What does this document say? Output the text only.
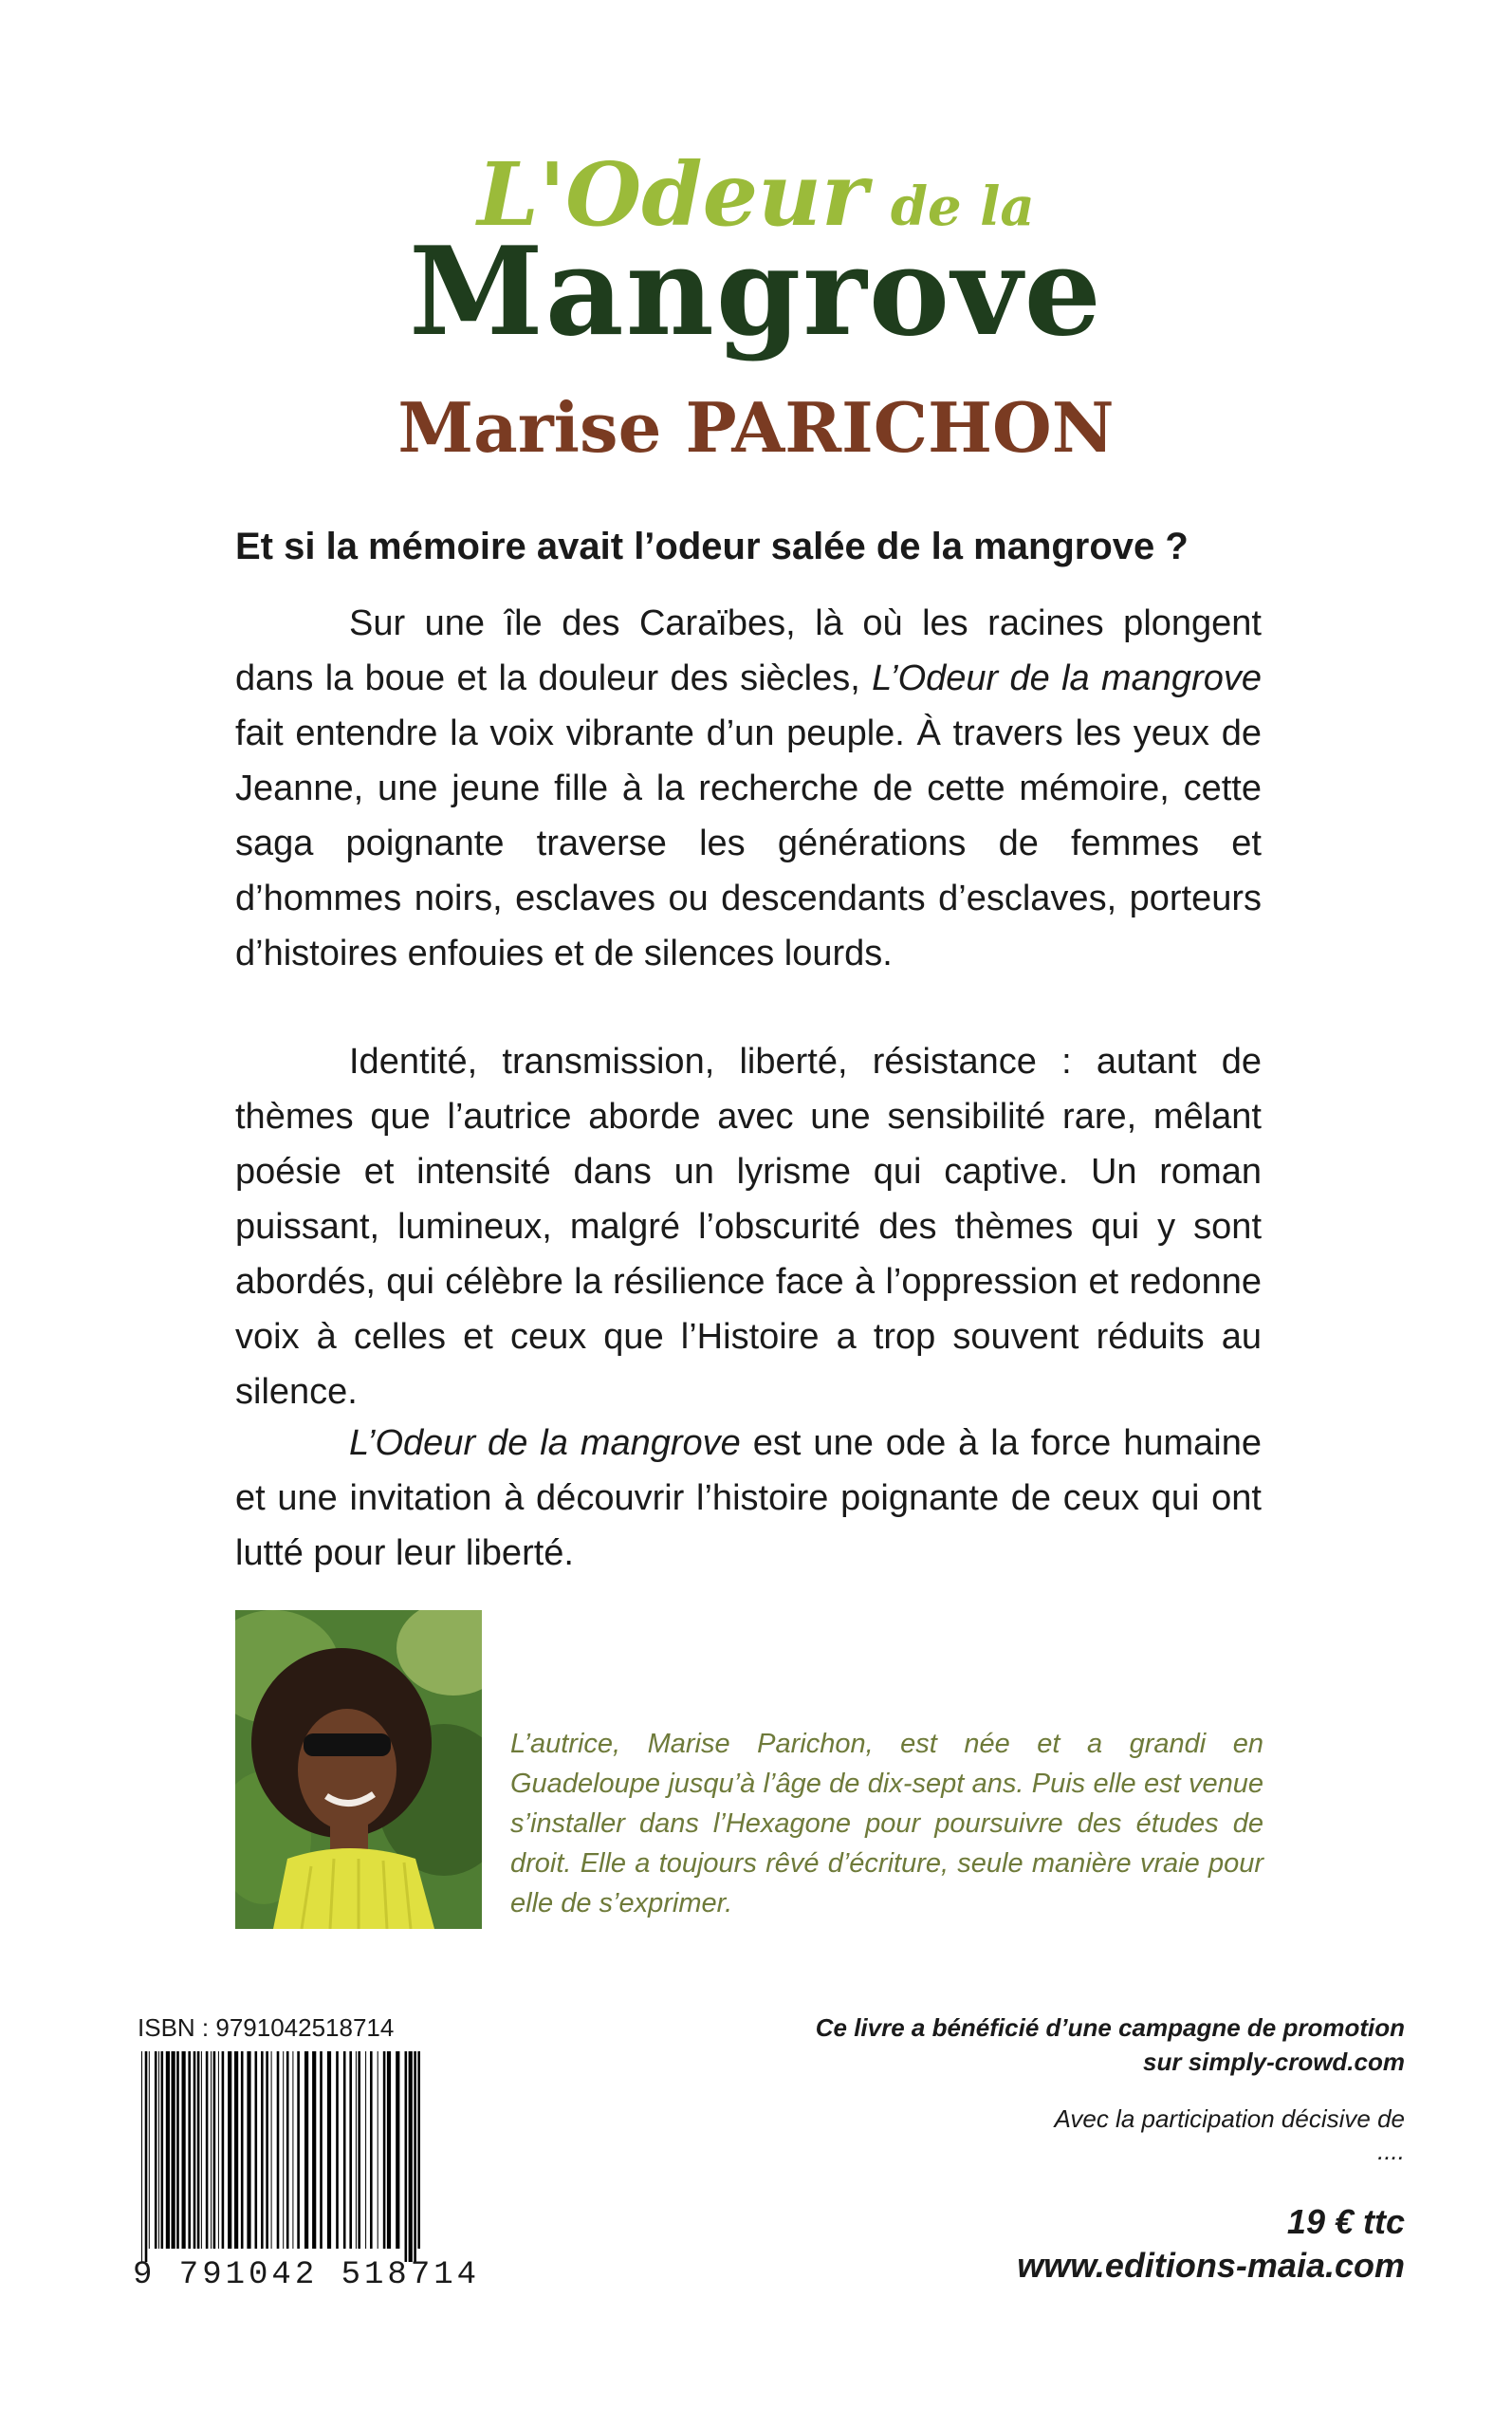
L'Odeur de la
Mangrove
Marise PARICHON
Et si la mémoire avait l’odeur salée de la mangrove ?
Sur une île des Caraïbes, là où les racines plongent dans la boue et la douleur des siècles, L’Odeur de la mangrove fait entendre la voix vibrante d’un peuple. À travers les yeux de Jeanne, une jeune fille à la recherche de cette mémoire, cette saga poignante traverse les générations de femmes et d’hommes noirs, esclaves ou descendants d’esclaves, porteurs d’histoires enfouies et de silences lourds.
Identité, transmission, liberté, résistance : autant de thèmes que l’autrice aborde avec une sensibilité rare, mêlant poésie et intensité dans un lyrisme qui captive. Un roman puissant, lumineux, malgré l’obscurité des thèmes qui y sont abordés, qui célèbre la résilience face à l’oppression et redonne voix à celles et ceux que l’Histoire a trop souvent réduits au silence.
L’Odeur de la mangrove est une ode à la force humaine et une invitation à découvrir l’histoire poignante de ceux qui ont lutté pour leur liberté.
L’autrice, Marise Parichon, est née et a grandi en Guadeloupe jusqu’à l’âge de dix-sept ans. Puis elle est venue s’installer dans l’Hexagone pour poursuivre des études de droit. Elle a toujours rêvé d’écriture, seule manière vraie pour elle de s’exprimer.
ISBN : 9791042518714
9 791042 518714
Ce livre a bénéficié d’une campagne de promotion
sur simply-crowd.com
Avec la participation décisive de
....
19 € ttc
www.editions-maia.com
